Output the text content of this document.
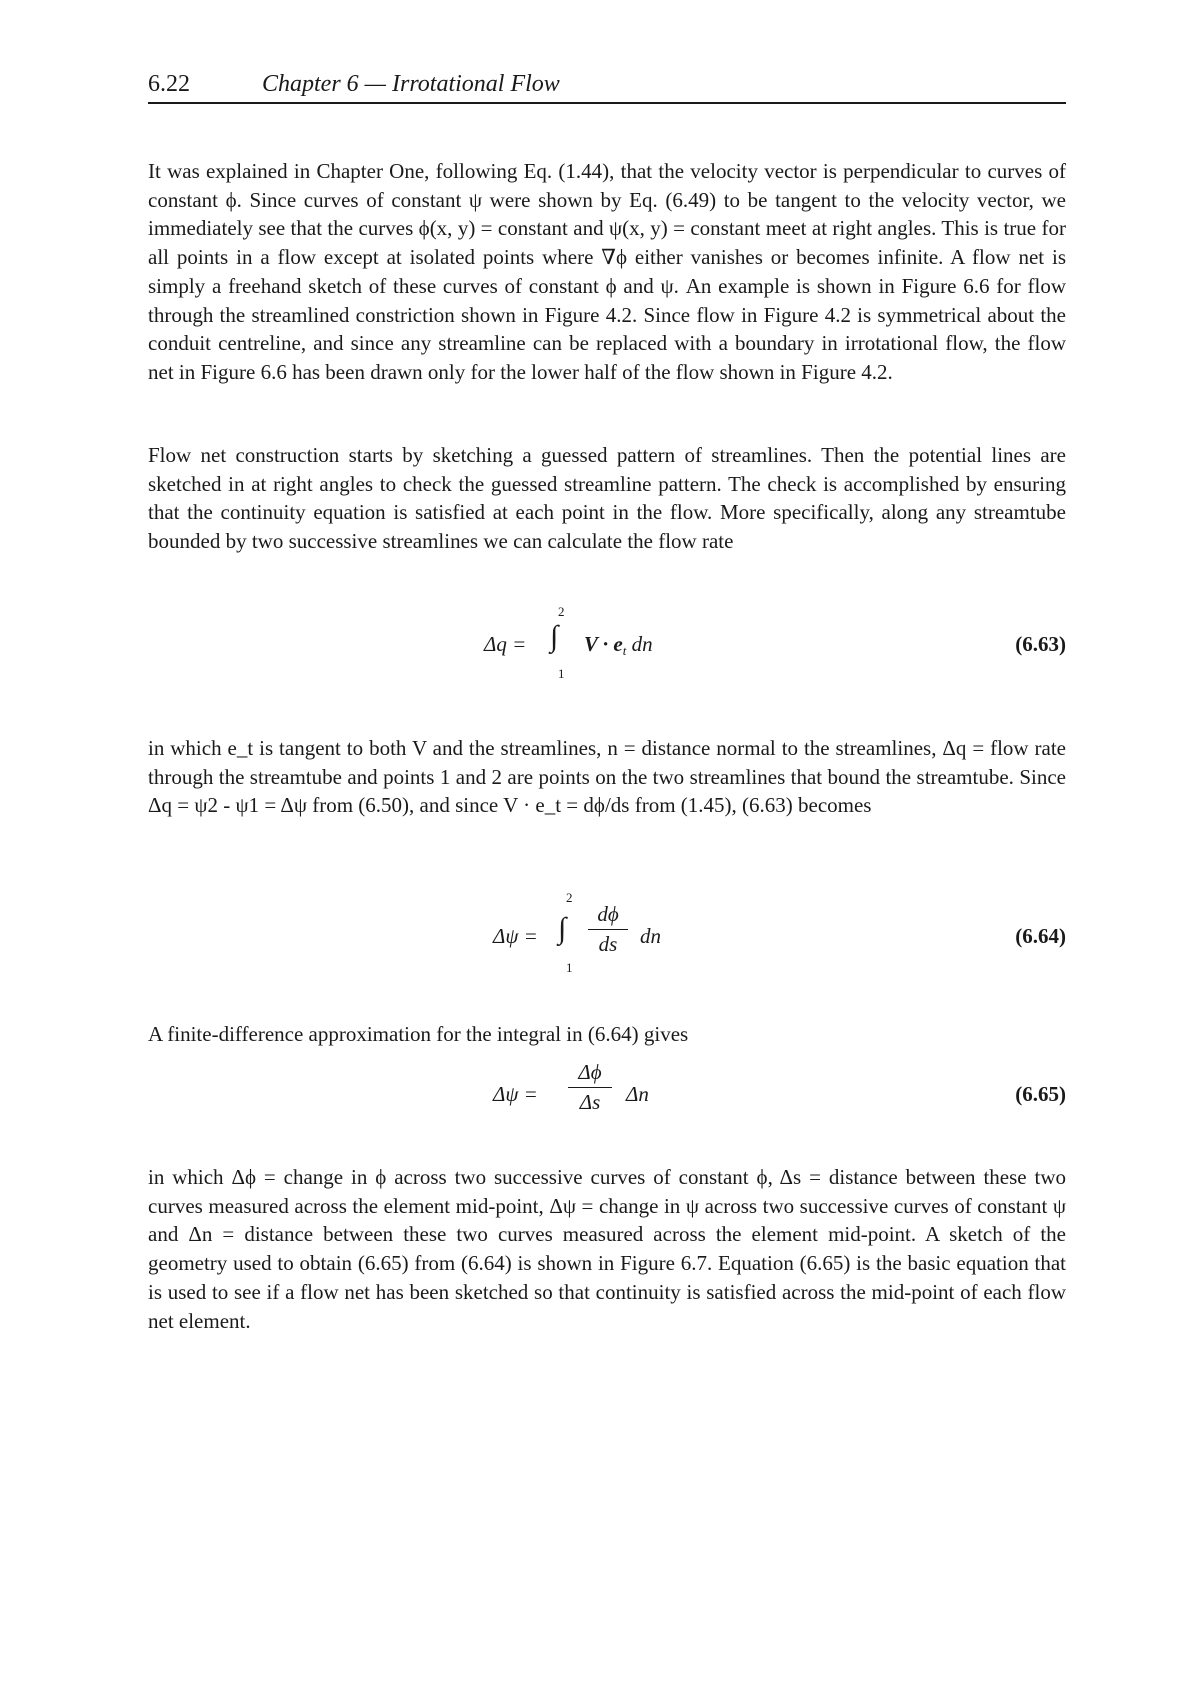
6.22	Chapter 6 — Irrotational Flow

It was explained in Chapter One, following Eq. (1.44), that the velocity vector is perpendicular to curves of constant ϕ. Since curves of constant ψ were shown by Eq. (6.49) to be tangent to the velocity vector, we immediately see that the curves ϕ(x, y) = constant and ψ(x, y) = constant meet at right angles. This is true for all points in a flow except at isolated points where ∇ϕ either vanishes or becomes infinite. A flow net is simply a freehand sketch of these curves of constant ϕ and ψ. An example is shown in Figure 6.6 for flow through the streamlined constriction shown in Figure 4.2. Since flow in Figure 4.2 is symmetrical about the conduit centreline, and since any streamline can be replaced with a boundary in irrotational flow, the flow net in Figure 6.6 has been drawn only for the lower half of the flow shown in Figure 4.2.

Flow net construction starts by sketching a guessed pattern of streamlines. Then the potential lines are sketched in at right angles to check the guessed streamline pattern. The check is accomplished by ensuring that the continuity equation is satisfied at each point in the flow. More specifically, along any streamtube bounded by two successive streamlines we can calculate the flow rate

Δq =
2
∫
1
$V \cdot e_t$ dn	(6.63)

in which e_t is tangent to both V and the streamlines, n = distance normal to the streamlines, Δq = flow rate through the streamtube and points 1 and 2 are points on the two streamlines that bound the streamtube. Since Δq = ψ2 - ψ1 = Δψ from (6.50), and since V · e_t = dϕ/ds from (1.45), (6.63) becomes

Δψ =
2
∫
1
dϕ
ds	dn	(6.64)

A finite-difference approximation for the integral in (6.64) gives

Δψ =
Δϕ
Δs	Δn	(6.65)

in which Δϕ = change in ϕ across two successive curves of constant ϕ, Δs = distance between these two curves measured across the element mid-point, Δψ = change in ψ across two successive curves of constant ψ and Δn = distance between these two curves measured across the element mid-point. A sketch of the geometry used to obtain (6.65) from (6.64) is shown in Figure 6.7. Equation (6.65) is the basic equation that is used to see if a flow net has been sketched so that continuity is satisfied across the mid-point of each flow net element.
